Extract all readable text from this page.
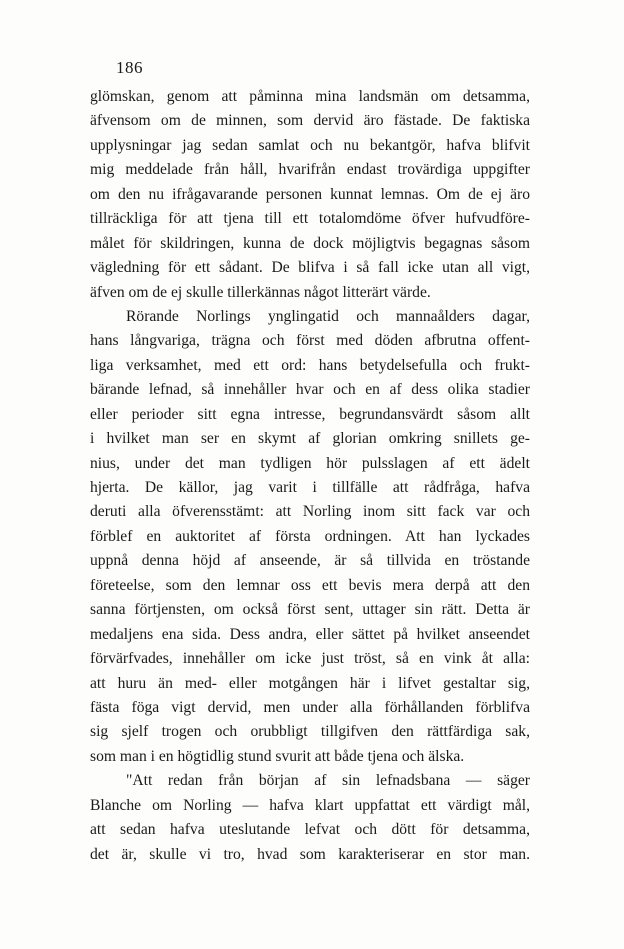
186
glömskan, genom att påminna mina landsmän om detsamma,
äfvensom om de minnen, som dervid äro fästade. De faktiska
upplysningar jag sedan samlat och nu bekantgör, hafva blifvit
mig meddelade från håll, hvarifrån endast trovärdiga uppgifter
om den nu ifrågavarande personen kunnat lemnas. Om de ej äro
tillräckliga för att tjena till ett totalomdöme öfver hufvudföre-
målet för skildringen, kunna de dock möjligtvis begagnas såsom
vägledning för ett sådant. De blifva i så fall icke utan all vigt,
äfven om de ej skulle tillerkännas något litterärt värde.
Rörande Norlings ynglingatid och mannaålders dagar,
hans långvariga, trägna och först med döden afbrutna offent-
liga verksamhet, med ett ord: hans betydelsefulla och frukt-
bärande lefnad, så innehåller hvar och en af dess olika stadier
eller perioder sitt egna intresse, begrundansvärdt såsom allt
i hvilket man ser en skymt af glorian omkring snillets ge-
nius, under det man tydligen hör pulsslagen af ett ädelt
hjerta. De källor, jag varit i tillfälle att rådfråga, hafva
deruti alla öfverensstämt: att Norling inom sitt fack var och
förblef en auktoritet af första ordningen. Att han lyckades
uppnå denna höjd af anseende, är så tillvida en tröstande
företeelse, som den lemnar oss ett bevis mera derpå att den
sanna förtjensten, om också först sent, uttager sin rätt. Detta är
medaljens ena sida. Dess andra, eller sättet på hvilket anseendet
förvärfvades, innehåller om icke just tröst, så en vink åt alla:
att huru än med- eller motgången här i lifvet gestaltar sig,
fästa föga vigt dervid, men under alla förhållanden förblifva
sig sjelf trogen och orubbligt tillgifven den rättfärdiga sak,
som man i en högtidlig stund svurit att både tjena och älska.
"Att redan från början af sin lefnadsbana — säger
Blanche om Norling — hafva klart uppfattat ett värdigt mål,
att sedan hafva uteslutande lefvat och dött för detsamma,
det är, skulle vi tro, hvad som karakteriserar en stor man.
